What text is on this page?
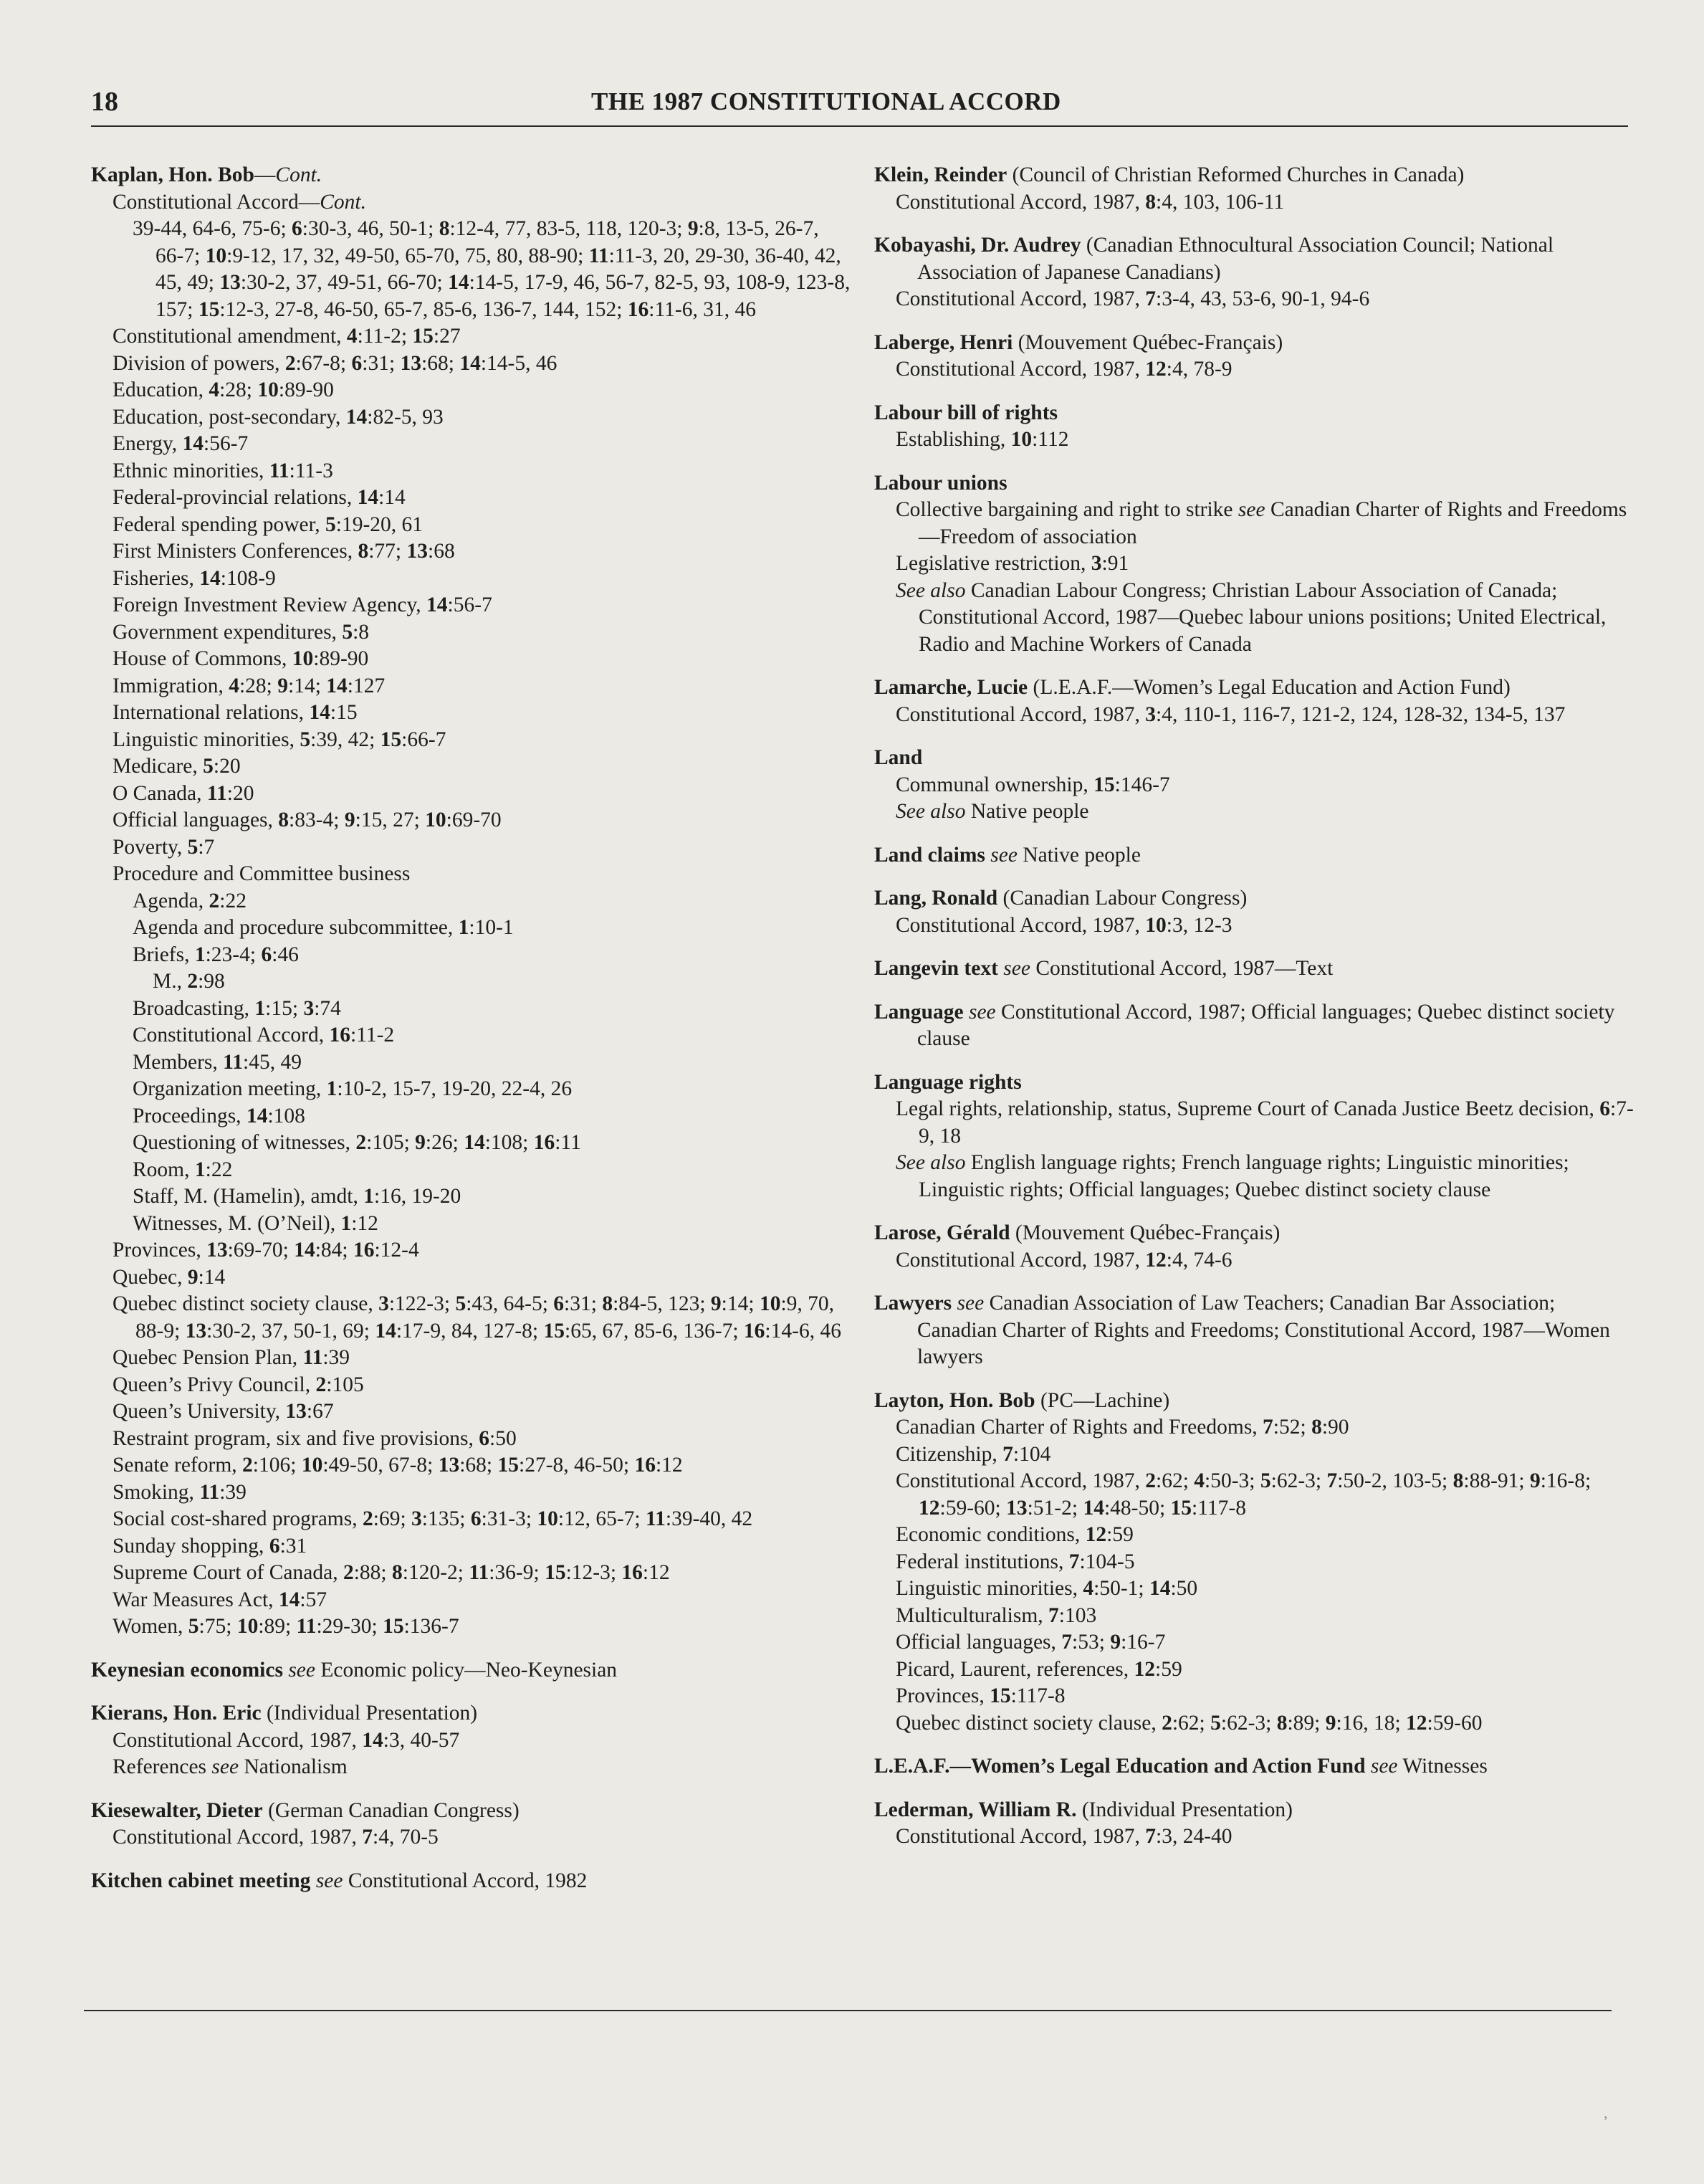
18	THE 1987 CONSTITUTIONAL ACCORD
Kaplan, Hon. Bob—Cont.
Constitutional Accord—Cont.
39-44, 64-6, 75-6; 6:30-3, 46, 50-1; 8:12-4, 77, 83-5, 118, 120-3; 9:8, 13-5, 26-7, 66-7; 10:9-12, 17, 32, 49-50, 65-70, 75, 80, 88-90; 11:11-3, 20, 29-30, 36-40, 42, 45, 49; 13:30-2, 37, 49-51, 66-70; 14:14-5, 17-9, 46, 56-7, 82-5, 93, 108-9, 123-8, 157; 15:12-3, 27-8, 46-50, 65-7, 85-6, 136-7, 144, 152; 16:11-6, 31, 46
Constitutional amendment, 4:11-2; 15:27
Division of powers, 2:67-8; 6:31; 13:68; 14:14-5, 46
Education, 4:28; 10:89-90
Education, post-secondary, 14:82-5, 93
Energy, 14:56-7
Ethnic minorities, 11:11-3
Federal-provincial relations, 14:14
Federal spending power, 5:19-20, 61
First Ministers Conferences, 8:77; 13:68
Fisheries, 14:108-9
Foreign Investment Review Agency, 14:56-7
Government expenditures, 5:8
House of Commons, 10:89-90
Immigration, 4:28; 9:14; 14:127
International relations, 14:15
Linguistic minorities, 5:39, 42; 15:66-7
Medicare, 5:20
O Canada, 11:20
Official languages, 8:83-4; 9:15, 27; 10:69-70
Poverty, 5:7
Procedure and Committee business
Agenda, 2:22
Agenda and procedure subcommittee, 1:10-1
Briefs, 1:23-4; 6:46
M., 2:98
Broadcasting, 1:15; 3:74
Constitutional Accord, 16:11-2
Members, 11:45, 49
Organization meeting, 1:10-2, 15-7, 19-20, 22-4, 26
Proceedings, 14:108
Questioning of witnesses, 2:105; 9:26; 14:108; 16:11
Room, 1:22
Staff, M. (Hamelin), amdt, 1:16, 19-20
Witnesses, M. (O’Neil), 1:12
Provinces, 13:69-70; 14:84; 16:12-4
Quebec, 9:14
Quebec distinct society clause, 3:122-3; 5:43, 64-5; 6:31; 8:84-5, 123; 9:14; 10:9, 70, 88-9; 13:30-2, 37, 50-1, 69; 14:17-9, 84, 127-8; 15:65, 67, 85-6, 136-7; 16:14-6, 46
Quebec Pension Plan, 11:39
Queen’s Privy Council, 2:105
Queen’s University, 13:67
Restraint program, six and five provisions, 6:50
Senate reform, 2:106; 10:49-50, 67-8; 13:68; 15:27-8, 46-50; 16:12
Smoking, 11:39
Social cost-shared programs, 2:69; 3:135; 6:31-3; 10:12, 65-7; 11:39-40, 42
Sunday shopping, 6:31
Supreme Court of Canada, 2:88; 8:120-2; 11:36-9; 15:12-3; 16:12
War Measures Act, 14:57
Women, 5:75; 10:89; 11:29-30; 15:136-7
Keynesian economics see Economic policy—Neo-Keynesian
Kierans, Hon. Eric (Individual Presentation)
Constitutional Accord, 1987, 14:3, 40-57
References see Nationalism
Kiesewalter, Dieter (German Canadian Congress)
Constitutional Accord, 1987, 7:4, 70-5
Kitchen cabinet meeting see Constitutional Accord, 1982
Klein, Reinder (Council of Christian Reformed Churches in Canada)
Constitutional Accord, 1987, 8:4, 103, 106-11
Kobayashi, Dr. Audrey (Canadian Ethnocultural Association Council; National Association of Japanese Canadians)
Constitutional Accord, 1987, 7:3-4, 43, 53-6, 90-1, 94-6
Laberge, Henri (Mouvement Québec-Français)
Constitutional Accord, 1987, 12:4, 78-9
Labour bill of rights
Establishing, 10:112
Labour unions
Collective bargaining and right to strike see Canadian Charter of Rights and Freedoms—Freedom of association
Legislative restriction, 3:91
See also Canadian Labour Congress; Christian Labour Association of Canada; Constitutional Accord, 1987—Quebec labour unions positions; United Electrical, Radio and Machine Workers of Canada
Lamarche, Lucie (L.E.A.F.—Women’s Legal Education and Action Fund)
Constitutional Accord, 1987, 3:4, 110-1, 116-7, 121-2, 124, 128-32, 134-5, 137
Land
Communal ownership, 15:146-7
See also Native people
Land claims see Native people
Lang, Ronald (Canadian Labour Congress)
Constitutional Accord, 1987, 10:3, 12-3
Langevin text see Constitutional Accord, 1987—Text
Language see Constitutional Accord, 1987; Official languages; Quebec distinct society clause
Language rights
Legal rights, relationship, status, Supreme Court of Canada Justice Beetz decision, 6:7-9, 18
See also English language rights; French language rights; Linguistic minorities; Linguistic rights; Official languages; Quebec distinct society clause
Larose, Gérald (Mouvement Québec-Français)
Constitutional Accord, 1987, 12:4, 74-6
Lawyers see Canadian Association of Law Teachers; Canadian Bar Association; Canadian Charter of Rights and Freedoms; Constitutional Accord, 1987—Women lawyers
Layton, Hon. Bob (PC—Lachine)
Canadian Charter of Rights and Freedoms, 7:52; 8:90
Citizenship, 7:104
Constitutional Accord, 1987, 2:62; 4:50-3; 5:62-3; 7:50-2, 103-5; 8:88-91; 9:16-8; 12:59-60; 13:51-2; 14:48-50; 15:117-8
Economic conditions, 12:59
Federal institutions, 7:104-5
Linguistic minorities, 4:50-1; 14:50
Multiculturalism, 7:103
Official languages, 7:53; 9:16-7
Picard, Laurent, references, 12:59
Provinces, 15:117-8
Quebec distinct society clause, 2:62; 5:62-3; 8:89; 9:16, 18; 12:59-60
L.E.A.F.—Women’s Legal Education and Action Fund see Witnesses
Lederman, William R. (Individual Presentation)
Constitutional Accord, 1987, 7:3, 24-40
,
